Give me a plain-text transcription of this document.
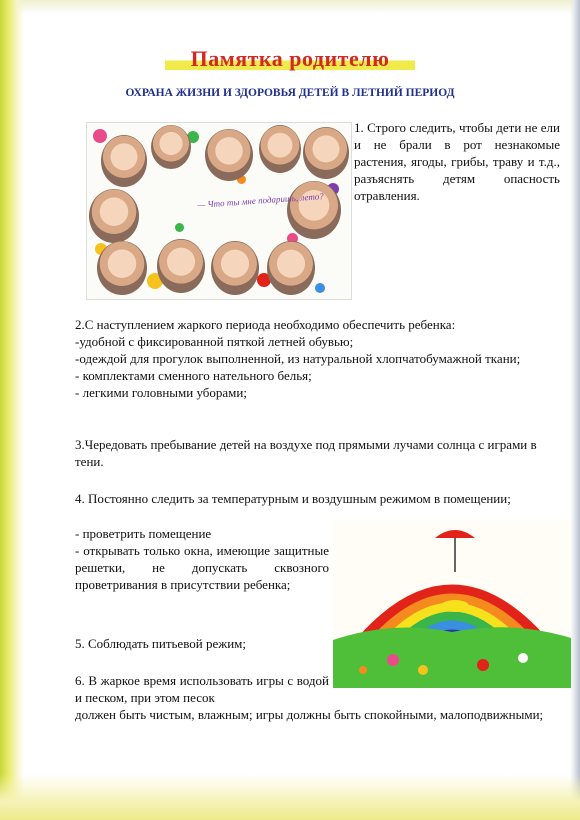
Памятка родителю
ОХРАНА ЖИЗНИ И ЗДОРОВЬЯ ДЕТЕЙ В ЛЕТНИЙ ПЕРИОД
— Что ты мне подаришь, лето?
1. Строго следить, чтобы дети не ели и не брали в рот незнакомые растения, ягоды, грибы, траву и т.д., разъяснять детям опасность отравления.
2.С наступлением жаркого периода необходимо обеспечить ребенка:
-удобной с фиксированной пяткой летней обувью;
-одеждой для прогулок выполненной, из натуральной хлопчатобумажной ткани;
- комплектами сменного нательного белья;
- легкими головными уборами;
3.Чередовать пребывание детей на воздухе под прямыми лучами солнца с играми в тени.
4. Постоянно следить за температурным и воздушным режимом в помещении;
- проветрить помещение
- открывать только окна, имеющие защитные решетки, не допускать сквозного проветривания в присутствии ребенка;
5. Соблюдать питьевой режим;
6. В жаркое время использовать игры с водой и песком, при этом песок
должен быть чистым, влажным; игры должны быть спокойными, малоподвижными;
